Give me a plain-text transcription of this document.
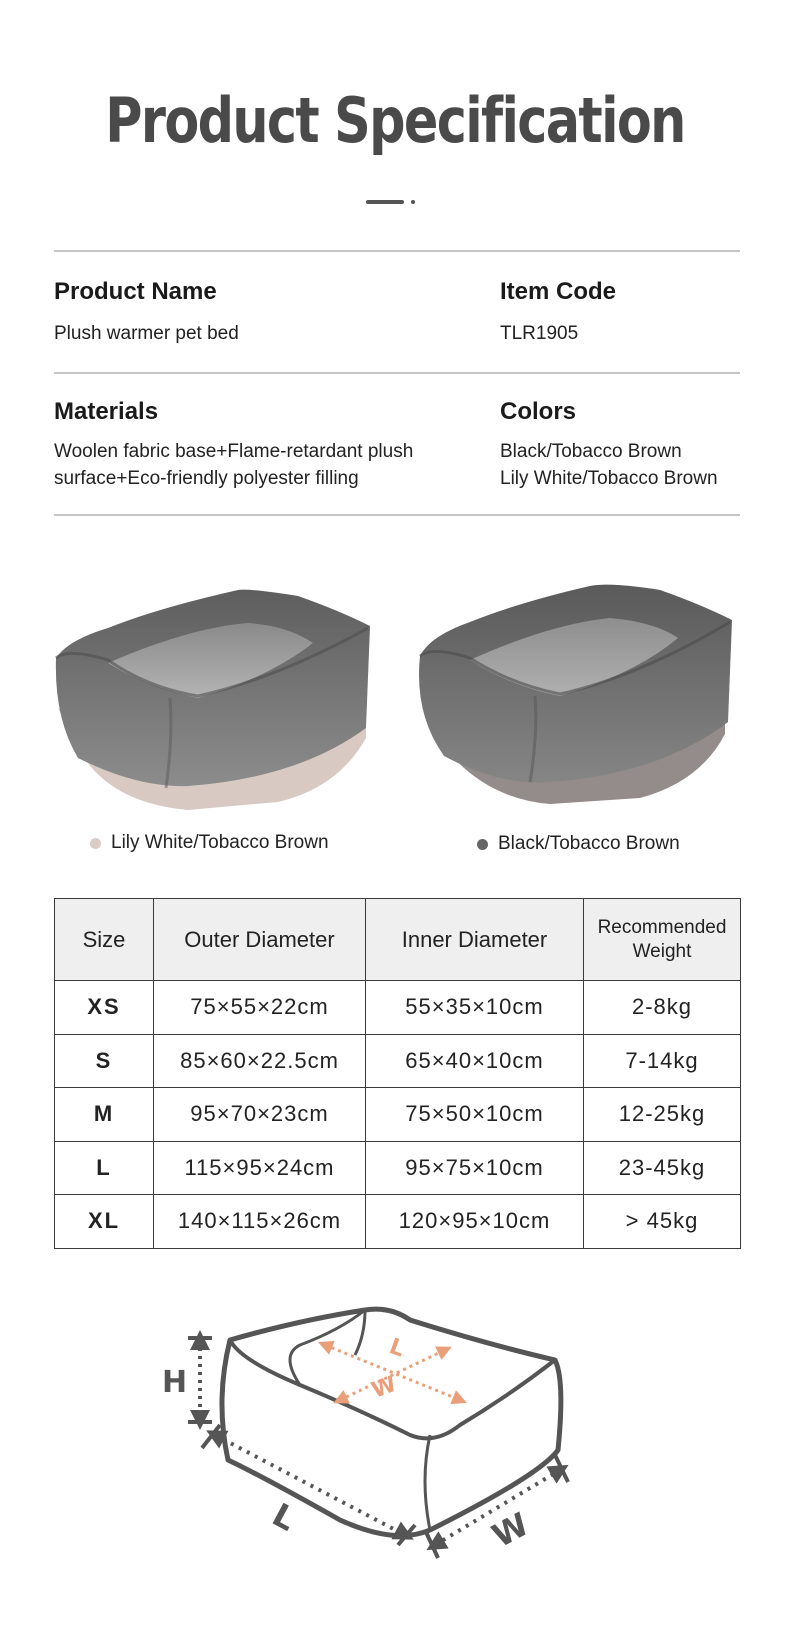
Product Specification
Product Name
Plush warmer pet bed
Item Code
TLR1905
Materials
Woolen fabric base+Flame-retardant plush
surface+Eco-friendly polyester filling
Colors
Black/Tobacco Brown
Lily White/Tobacco Brown
Lily White/Tobacco Brown	Black/Tobacco Brown
Size	Outer Diameter	Inner Diameter	Recommended
Weight

XS	75×55×22cm	55×35×10cm	2-8kg
S	85×60×22.5cm	65×40×10cm	7-14kg
M	95×70×23cm	75×50×10cm	12-25kg
L	115×95×24cm	95×75×10cm	23-45kg
XL	140×115×26cm	120×95×10cm	> 45kg
L
W
H
L	W
